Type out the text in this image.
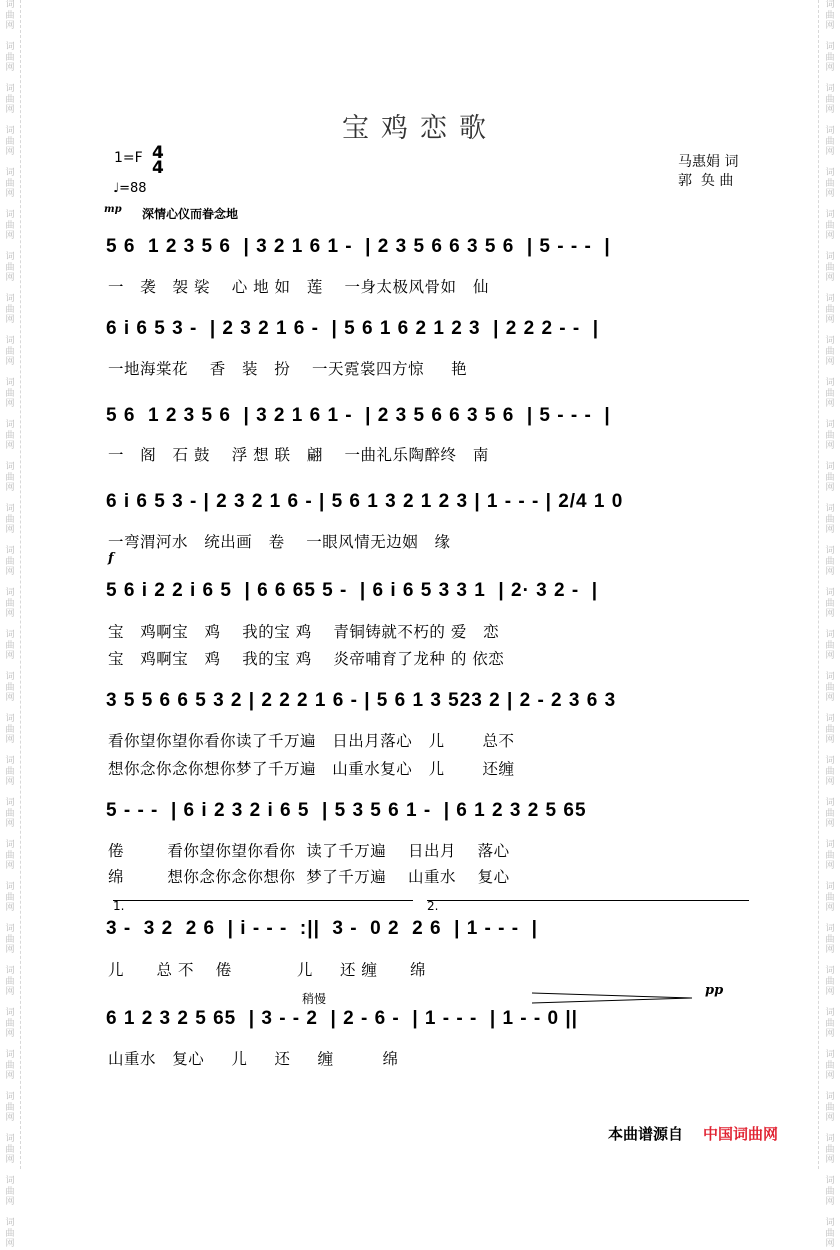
词
曲
网

词
曲
网

词
曲
网

词
曲
网

词
曲
网

词
曲
网

词
曲
网

词
曲
网

词
曲
网

词
曲
网

词
曲
网

词
曲
网

词
曲
网

词
曲
网

词
曲
网

词
曲
网

词
曲
网

词
曲
网

词
曲
网

词
曲
网

词
曲
网

词
曲
网

词
曲
网

词
曲
网

词
曲
网

词
曲
网

词
曲
网

词
曲
网

词
曲
网

词
曲
网

词
曲
网

词
曲
网

词
曲
网

词
曲
网

词
曲
网

词
曲
网

词
曲
网

词
曲
网

词
曲
网

词
曲
网

词
曲
网

词
曲
网

词
曲
网

词
曲
网

词
曲
网

词
曲
网

词
曲
网

词
曲
网

词
曲
网

词
曲
网

词
曲
网

词
曲
网

词
曲
网

词
曲
网

词
曲
网

词
曲
网

词
曲
网

词
曲
网

词
曲
网

词
曲
网

宝鸡恋歌
1=F 4
4
♩=88
马惠娟 词
郭  奂 曲
mp 深情心仪而眷念地
5 6  1 2 3 5 6  | 3 2 1 6 1 -  | 2 3 5 6 6 3 5 6  | 5 - - -  |
一   袭   袈 裟    心 地 如   莲    一身太极风骨如   仙
6 i 6 5 3 -  | 2 3 2 1 6 -  | 5 6 1 6 2 1 2 3  | 2 2 2 - -  |
一地海棠花    香   装   扮    一天霓裳四方惊     艳
5 6  1 2 3 5 6  | 3 2 1 6 1 -  | 2 3 5 6 6 3 5 6  | 5 - - -  |
一   阁   石 鼓    浮 想 联   翩    一曲礼乐陶醉终   南
6 i 6 5 3 - | 2 3 2 1 6 - | 5 6 1 3 2 1 2 3 | 1 - - - | 2/4 1 0
一弯渭河水   统出画   卷    一眼风情无边姻   缘
f
5 6 i 2 2 i 6 5  | 6 6 65 5 -  | 6 i 6 5 3 3 1  | 2· 3 2 -  |
宝   鸡啊宝   鸡    我的宝 鸡    青铜铸就不朽的 爱   恋
宝   鸡啊宝   鸡    我的宝 鸡    炎帝哺育了龙种 的 依恋
3 5 5 6 6 5 3 2 | 2 2 2 1 6 - | 5 6 1 3 523 2 | 2 - 2 3 6 3
看你望你望你看你读了千万遍   日出月落心   儿       总不
想你念你念你想你梦了千万遍   山重水复心   儿       还缠
5 - - -  | 6 i 2 3 2 i 6 5  | 5 3 5 6 1 -  | 6 1 2 3 2 5 65
倦        看你望你望你看你  读了千万遍    日出月    落心
绵        想你念你念你想你  梦了千万遍    山重水    复心
1.	2.
3 -  3 2  2 6  | i - - -  :||  3 -  0 2  2 6  | 1 - - -  |
儿      总 不    倦            儿     还 缠      绵
稍慢
pp
6 1 2 3 2 5 65  | 3 - - 2  | 2 - 6 -  | 1 - - -  | 1 - - 0 ||
山重水   复心     儿     还     缠         绵
本曲谱源自 中国词曲网
